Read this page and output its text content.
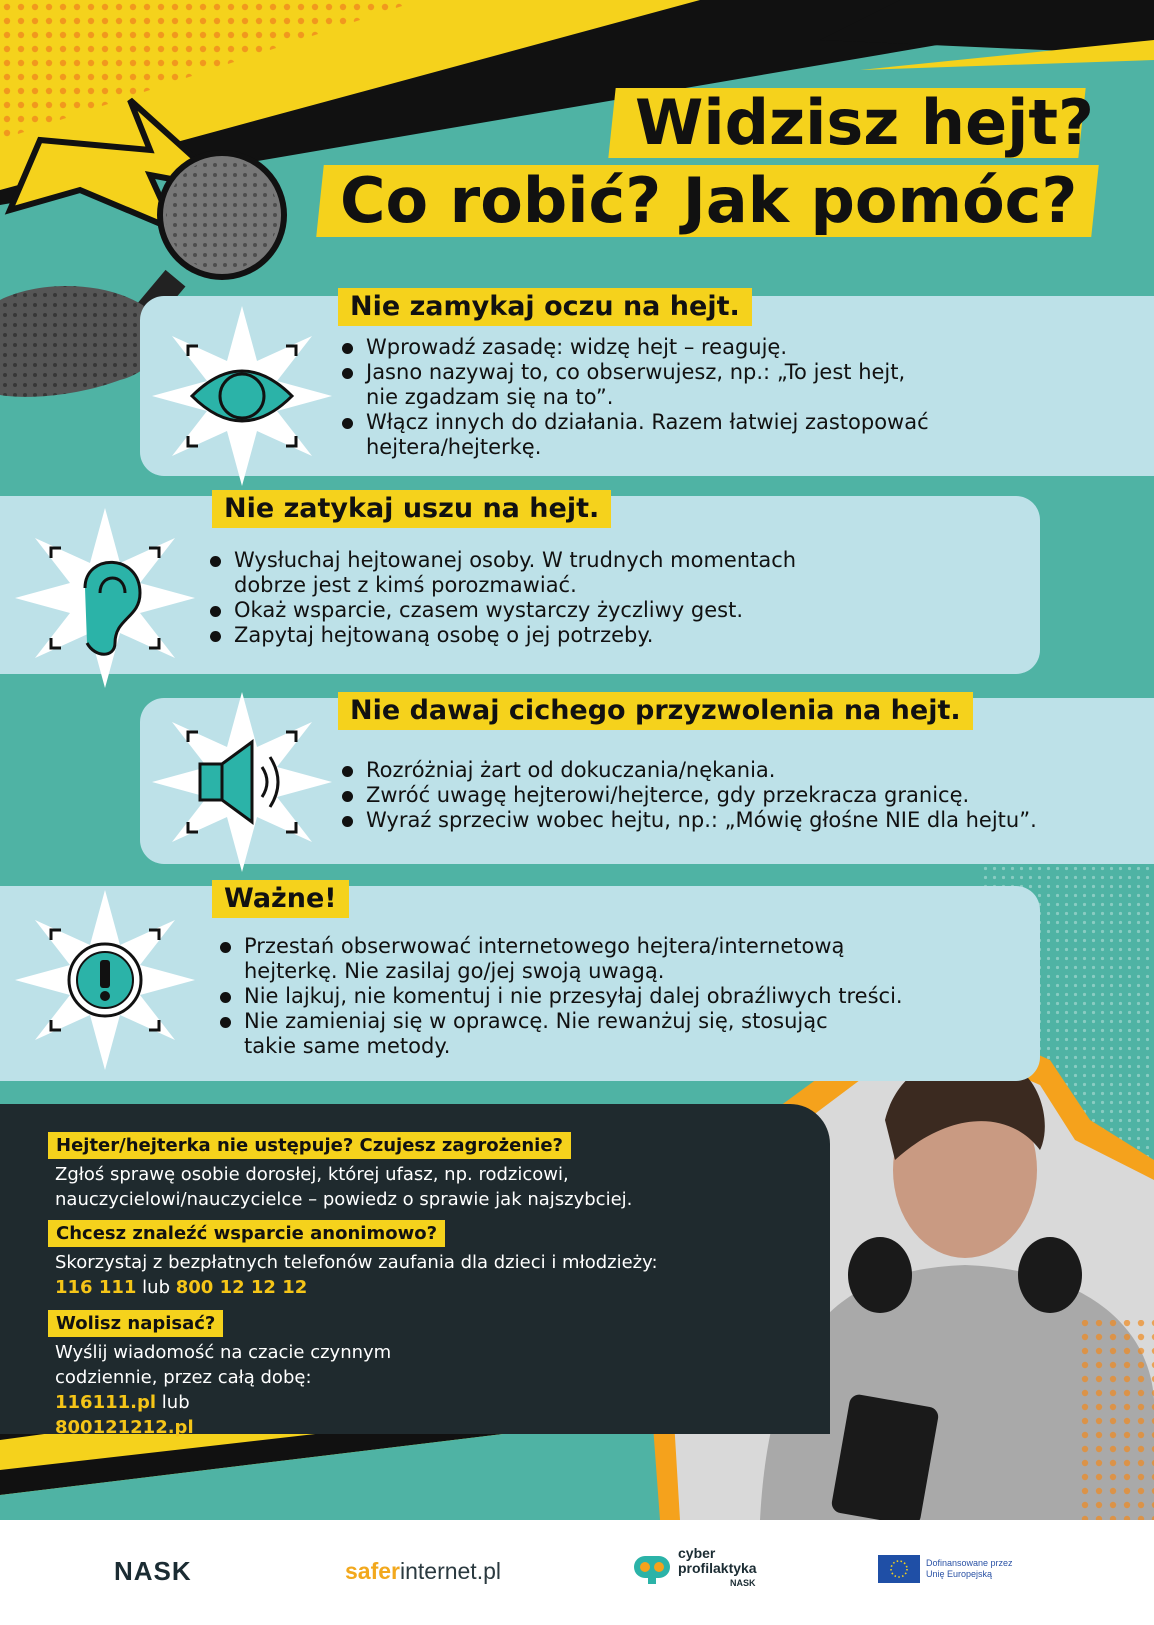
Widzisz hejt?
Co robić? Jak pomóc?
Nie zamykaj oczu na hejt.
Wprowadź zasadę: widzę hejt – reaguję.
Jasno nazywaj to, co obserwujesz, np.: „To jest hejt,
nie zgadzam się na to”.
Włącz innych do działania. Razem łatwiej zastopować
hejtera/hejterkę.
Nie zatykaj uszu na hejt.
Wysłuchaj hejtowanej osoby. W trudnych momentach
dobrze jest z kimś porozmawiać.
Okaż wsparcie, czasem wystarczy życzliwy gest.
Zapytaj hejtowaną osobę o jej potrzeby.
Nie dawaj cichego przyzwolenia na hejt.
Rozróżniaj żart od dokuczania/nękania.
Zwróć uwagę hejterowi/hejterce, gdy przekracza granicę.
Wyraź sprzeciw wobec hejtu, np.: „Mówię głośne NIE dla hejtu”.
Ważne!
Przestań obserwować internetowego hejtera/internetową
hejterkę. Nie zasilaj go/jej swoją uwagą.
Nie lajkuj, nie komentuj i nie przesyłaj dalej obraźliwych treści.
Nie zamieniaj się w oprawcę. Nie rewanżuj się, stosując
takie same metody.
Hejter/hejterka nie ustępuje? Czujesz zagrożenie?
Zgłoś sprawę osobie dorosłej, której ufasz, np. rodzicowi,
nauczycielowi/nauczycielce – powiedz o sprawie jak najszybciej.
Chcesz znaleźć wsparcie anonimowo?
Skorzystaj z bezpłatnych telefonów zaufania dla dzieci i młodzieży:
116 111 lub 800 12 12 12
Wolisz napisać?
Wyślij wiadomość na czacie czynnym
codziennie, przez całą dobę:
116111.pl lub
800121212.pl
NASK	saferinternet.pl
cyber
profilaktyka
NASK
Dofinansowane przez
Unię Europejską
